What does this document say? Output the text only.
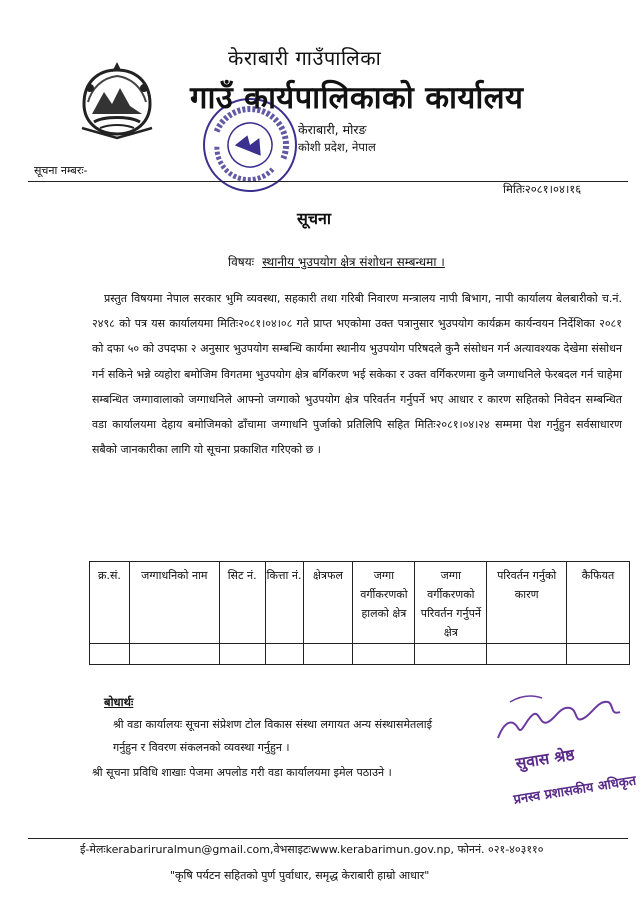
केराबारी गाउँपालिका
गाउँ कार्यपालिकाको कार्यालय
केराबारी, मोरङ
कोशी प्रदेश, नेपाल
सूचना नम्बरः-
मितिः२०८१।०४।१६
सूचना
विषयः स्थानीय भुउपयोग क्षेत्र संशोधन सम्बन्धमा ।
प्रस्तुत विषयमा नेपाल सरकार भुमि व्यवस्था, सहकारी तथा गरिबी निवारण मन्त्रालय नापी बिभाग, नापी कार्यालय बेलबारीको च.नं. २४९८ को पत्र यस कार्यालयमा मितिः२०८१।०४।०८ गते प्राप्त भएकोमा उक्त पत्रानुसार भुउपयोग कार्यक्रम कार्यन्वयन निर्देशिका २०८१ को दफा ५० को उपदफा २ अनुसार भुउपयोग सम्बन्धि कार्यमा स्थानीय भुउपयोग परिषदले कुनै संसोधन गर्न अत्यावश्यक देखेमा संसोधन गर्न सकिने भन्ने व्यहोरा बमोजिम विगतमा भुउपयोग क्षेत्र बर्गिकरण भई सकेका र उक्त वर्गिकरणमा कुनै जग्गाधनिले फेरबदल गर्न चाहेमा सम्बन्धित जग्गावालाको जग्गाधनिले आफ्नो जग्गाको भुउपयोग क्षेत्र परिवर्तन गर्नुपर्ने भए आधार र कारण सहितको निवेदन सम्बन्धित वडा कार्यालयमा देहाय बमोजिमको ढाँचामा जग्गाधनि पुर्जाको प्रतिलिपि सहित मितिः२०८१।०४।२४ सम्ममा पेश गर्नुहुन सर्वसाधारण सबैको जानकारीका लागि यो सूचना प्रकाशित गरिएको छ ।
क्र.सं.	जग्गाधनिको नाम	सिट नं.	कित्ता नं.	क्षेत्रफल	जग्गा वर्गीकरणको हालको क्षेत्र	जग्गा वर्गीकरणको परिवर्तन गर्नुपर्ने क्षेत्र	परिवर्तन गर्नुको कारण	कैफियत

बोधार्थः
श्री वडा कार्यालयः सूचना संप्रेशण टोल विकास संस्था लगायत अन्य संस्थासमेतलाई
गर्नुहुन र विवरण संकलनको व्यवस्था गर्नुहुन ।
श्री सूचना प्रविधि शाखाः पेजमा अपलोड गरी वडा कार्यालयमा इमेल पठाउने ।	सुवास श्रेष्ठ
प्रनस्व प्रशासकीय अधिकृत
ई-मेलःkerabariruralmun@gmail.com,वेभसाइटःwww.kerabarimun.gov.np, फोननं. ०२१-४०३११०
"कृषि पर्यटन सहितको पुर्ण पुर्वाधार, समृद्ध केराबारी हाम्रो आधार"
